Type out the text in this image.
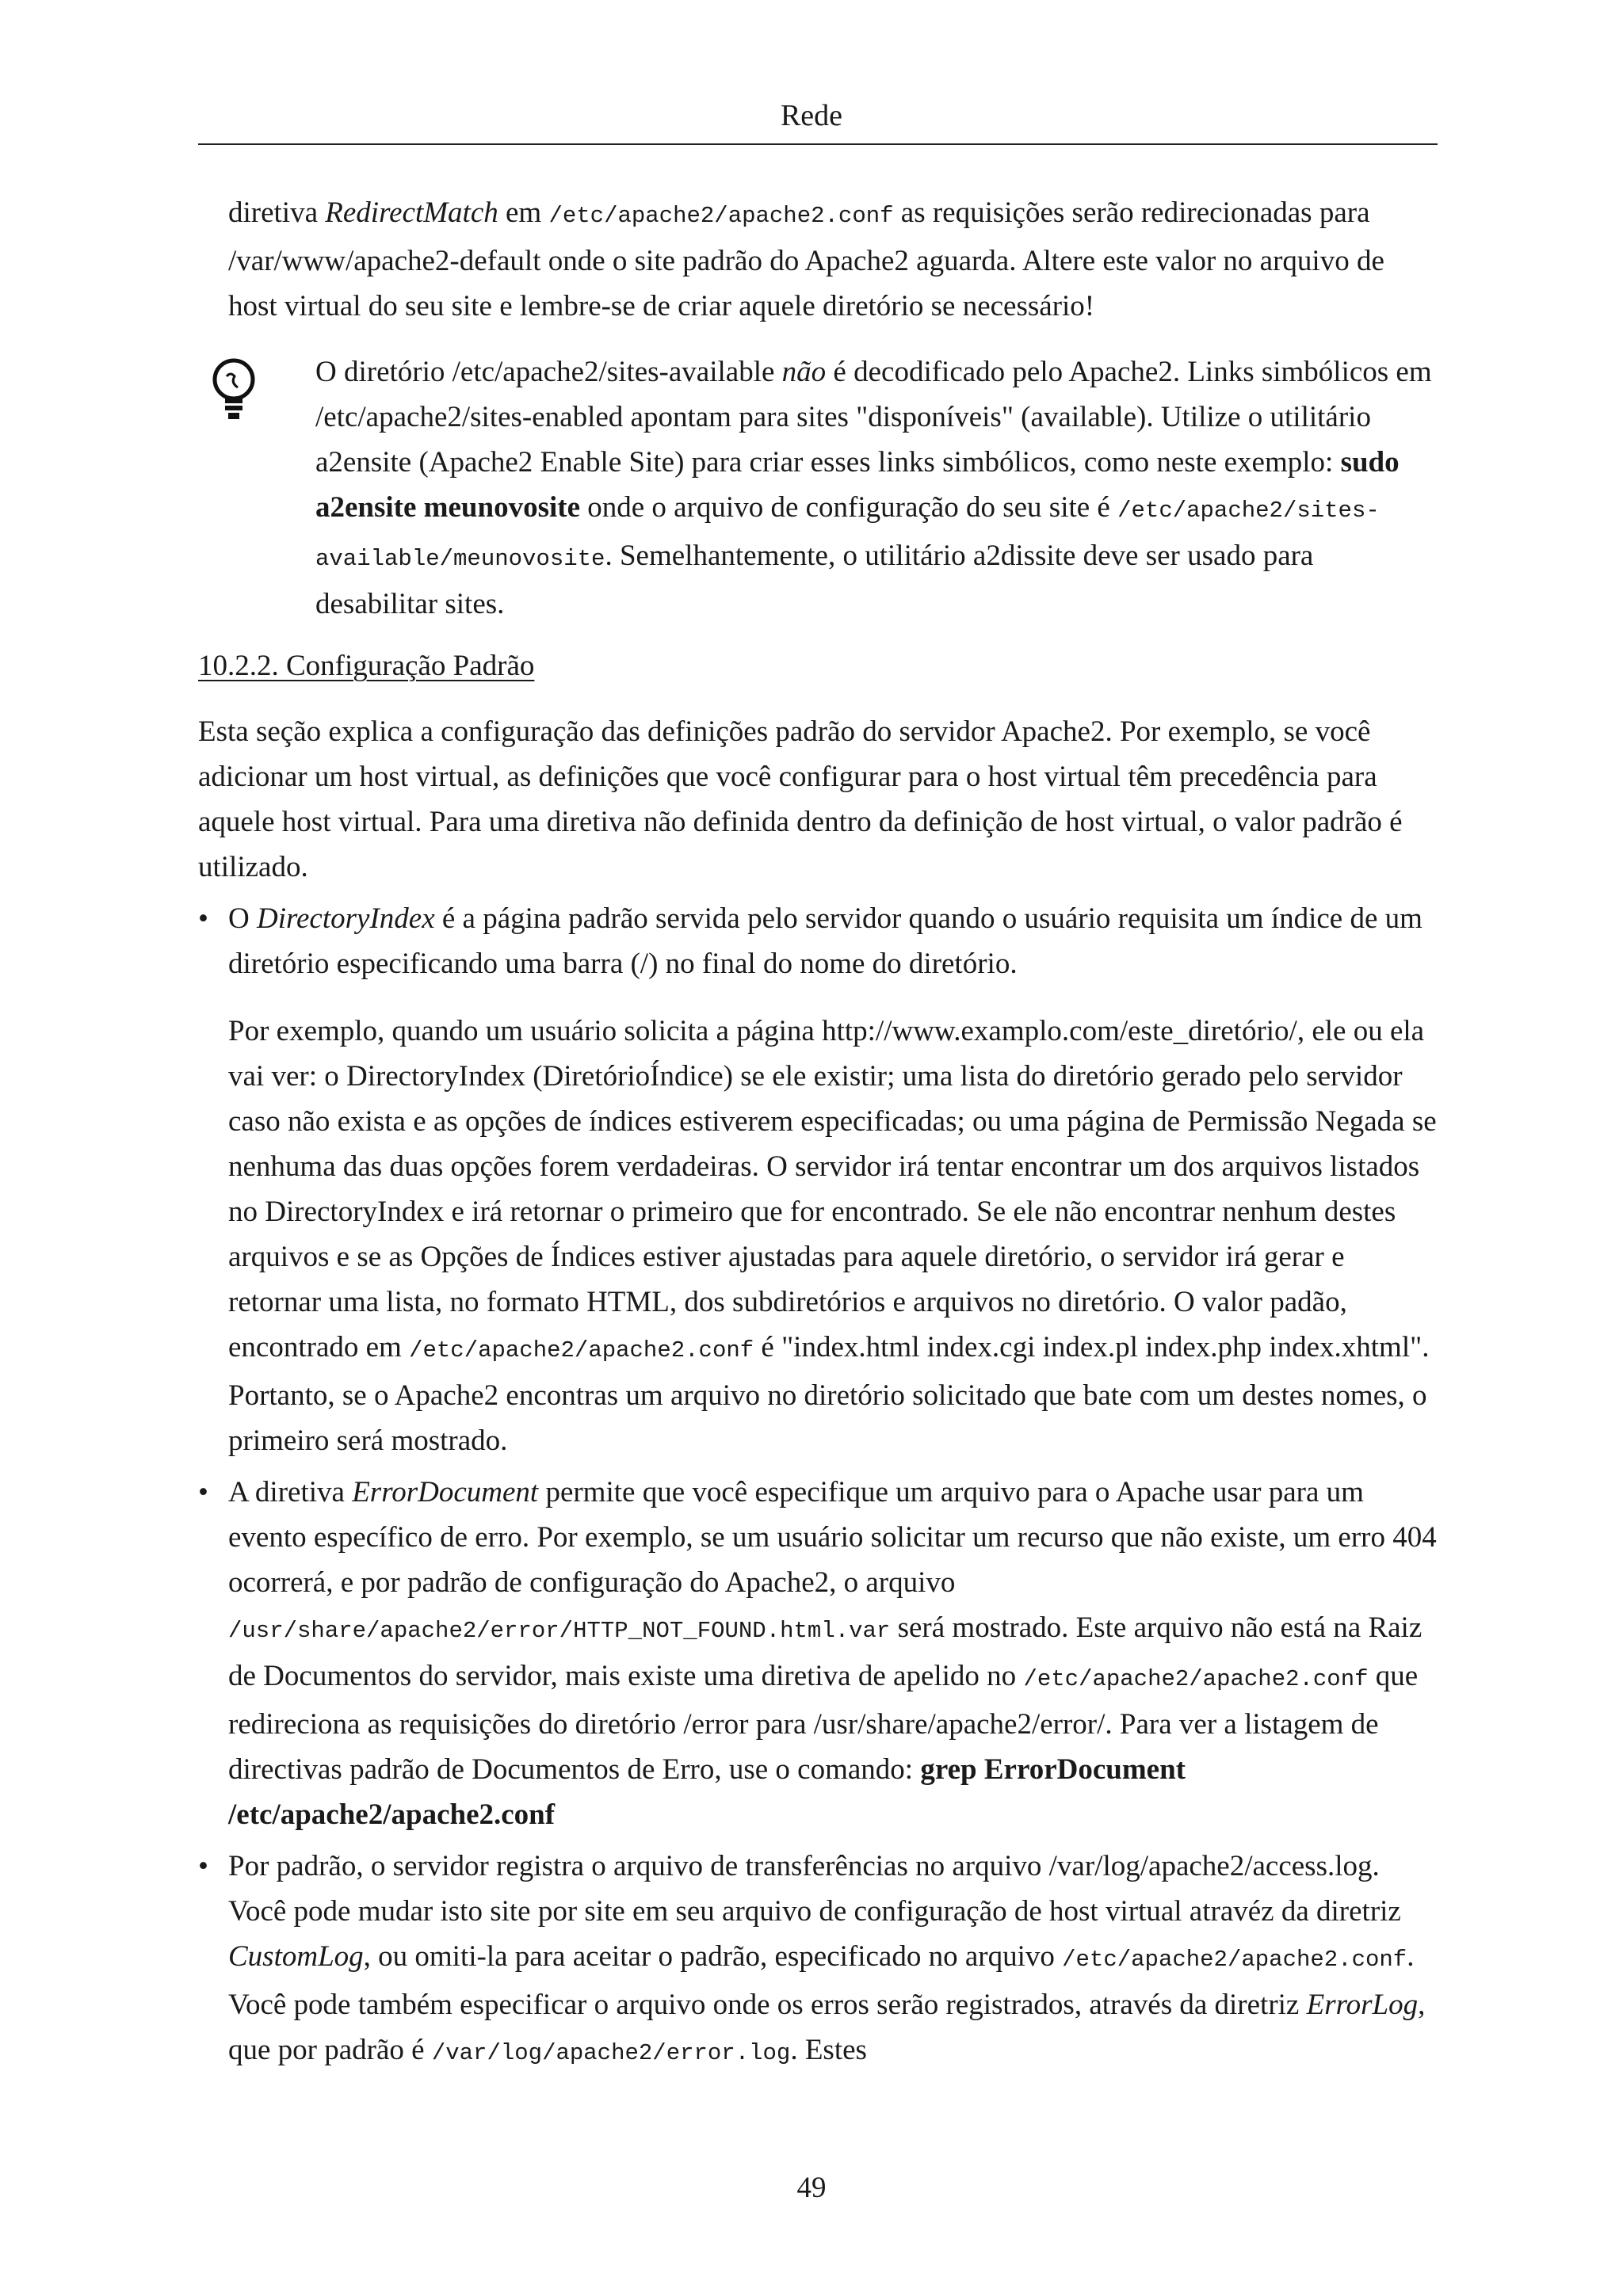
Rede

diretiva RedirectMatch em /etc/apache2/apache2.conf as requisições serão redirecionadas para /var/www/apache2-default onde o site padrão do Apache2 aguarda. Altere este valor no arquivo de host virtual do seu site e lembre-se de criar aquele diretório se necessário!

O diretório /etc/apache2/sites-available não é decodificado pelo Apache2. Links simbólicos em /etc/apache2/sites-enabled apontam para sites "disponíveis" (available). Utilize o utilitário a2ensite (Apache2 Enable Site) para criar esses links simbólicos, como neste exemplo: sudo a2ensite meunovosite onde o arquivo de configuração do seu site é /etc/apache2/sites-available/meunovosite. Semelhantemente, o utilitário a2dissite deve ser usado para desabilitar sites.

10.2.2. Configuração Padrão

Esta seção explica a configuração das definições padrão do servidor Apache2. Por exemplo, se você adicionar um host virtual, as definições que você configurar para o host virtual têm precedência para aquele host virtual. Para uma diretiva não definida dentro da definição de host virtual, o valor padrão é utilizado.

• O DirectoryIndex é a página padrão servida pelo servidor quando o usuário requisita um índice de um diretório especificando uma barra (/) no final do nome do diretório.

Por exemplo, quando um usuário solicita a página http://www.examplo.com/este_diretório/, ele ou ela vai ver: o DirectoryIndex (DiretórioÍndice) se ele existir; uma lista do diretório gerado pelo servidor caso não exista e as opções de índices estiverem especificadas; ou uma página de Permissão Negada se nenhuma das duas opções forem verdadeiras. O servidor irá tentar encontrar um dos arquivos listados no DirectoryIndex e irá retornar o primeiro que for encontrado. Se ele não encontrar nenhum destes arquivos e se as Opções de Índices estiver ajustadas para aquele diretório, o servidor irá gerar e retornar uma lista, no formato HTML, dos subdiretórios e arquivos no diretório. O valor padão, encontrado em /etc/apache2/apache2.conf é "index.html index.cgi index.pl index.php index.xhtml". Portanto, se o Apache2 encontras um arquivo no diretório solicitado que bate com um destes nomes, o primeiro será mostrado.

• A diretiva ErrorDocument permite que você especifique um arquivo para o Apache usar para um evento específico de erro. Por exemplo, se um usuário solicitar um recurso que não existe, um erro 404 ocorrerá, e por padrão de configuração do Apache2, o arquivo /usr/share/apache2/error/HTTP_NOT_FOUND.html.var será mostrado. Este arquivo não está na Raiz de Documentos do servidor, mais existe uma diretiva de apelido no /etc/apache2/apache2.conf que redireciona as requisições do diretório /error para /usr/share/apache2/error/. Para ver a listagem de directivas padrão de Documentos de Erro, use o comando: grep ErrorDocument /etc/apache2/apache2.conf

• Por padrão, o servidor registra o arquivo de transferências no arquivo /var/log/apache2/access.log. Você pode mudar isto site por site em seu arquivo de configuração de host virtual atravéz da diretriz CustomLog, ou omiti-la para aceitar o padrão, especificado no arquivo /etc/apache2/apache2.conf. Você pode também especificar o arquivo onde os erros serão registrados, através da diretriz ErrorLog, que por padrão é /var/log/apache2/error.log. Estes

49
